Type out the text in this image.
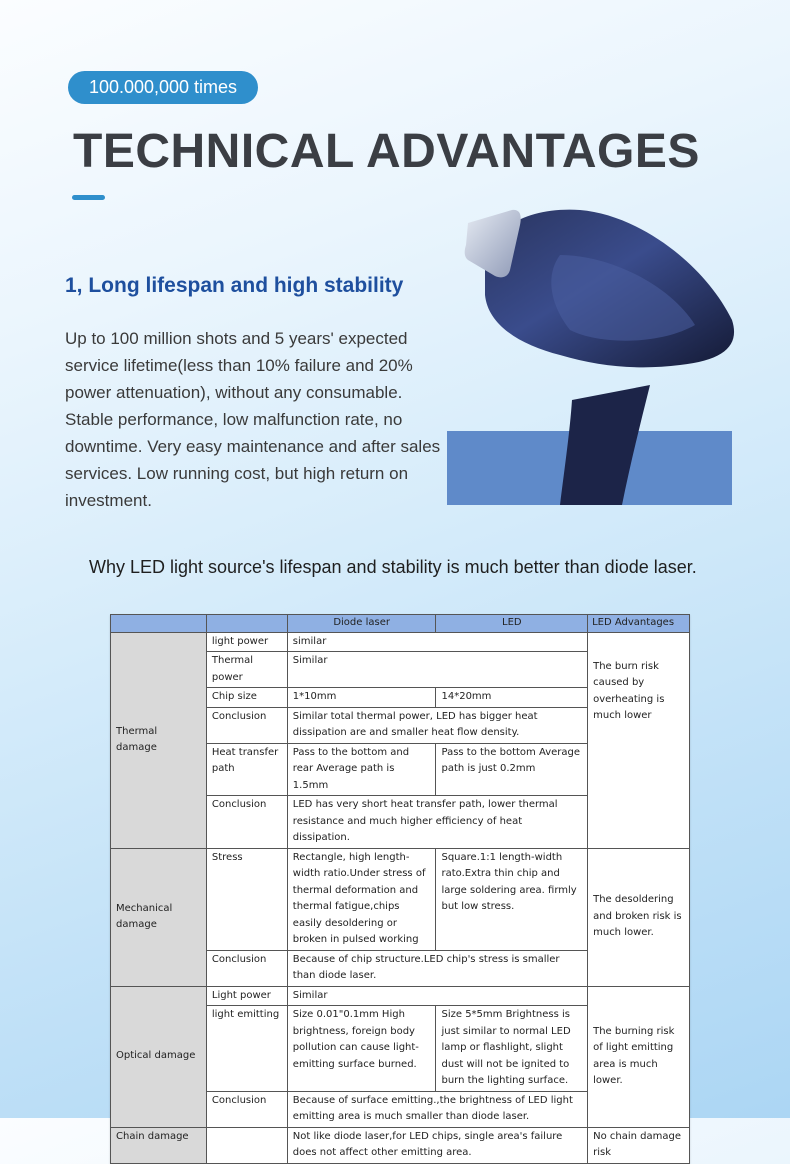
100.000,000 times
TECHNICAL ADVANTAGES
1, Long lifespan and high stability

Up to 100 million shots and 5 years' expected service lifetime(less than 10% failure and 20% power attenuation), without any consumable. Stable performance, low malfunction rate, no downtime. Very easy maintenance and after sales services. Low running cost, but high return on investment.

Why LED light source's lifespan and stability is much better than diode laser.

		Diode laser	LED	LED Advantages
Thermal damage	light power	similar		The burn risk caused by overheating is much lower
	Thermal power	Similar		
	Chip size	1*10mm	14*20mm	
	Conclusion	Similar total thermal power, LED has bigger heat dissipation are and smaller heat flow density.		
	Heat transfer path	Pass to the bottom and rear Average path is 1.5mm	Pass to the bottom Average path is just 0.2mm	
	Conclusion	LED has very short heat transfer path, lower thermal resistance and much higher efficiency of heat dissipation.		
Mechanical damage	Stress	Rectangle, high length-width ratio.Under stress of thermal deformation and thermal fatigue,chips easily desoldering or broken in pulsed working	Square.1:1 length-width rato.Extra thin chip and large soldering area. firmly but low stress.	The desoldering and broken risk is much lower.
	Conclusion	Because of chip structure.LED chip's stress is smaller than diode laser.		
Optical damage	Light power	Similar		The burning risk of light emitting area is much lower.
	light emitting	Size 0.01"0.1mm High brightness, foreign body pollution can cause light-emitting surface burned.	Size 5*5mm Brightness is just similar to normal LED lamp or flashlight, slight dust will not be ignited to burn the lighting surface.	
	Conclusion	Because of surface emitting.,the brightness of LED light emitting area is much smaller than diode laser.		
Chain damage		Not like diode laser,for LED chips, single area's failure does not affect other emitting area.		No chain damage risk
